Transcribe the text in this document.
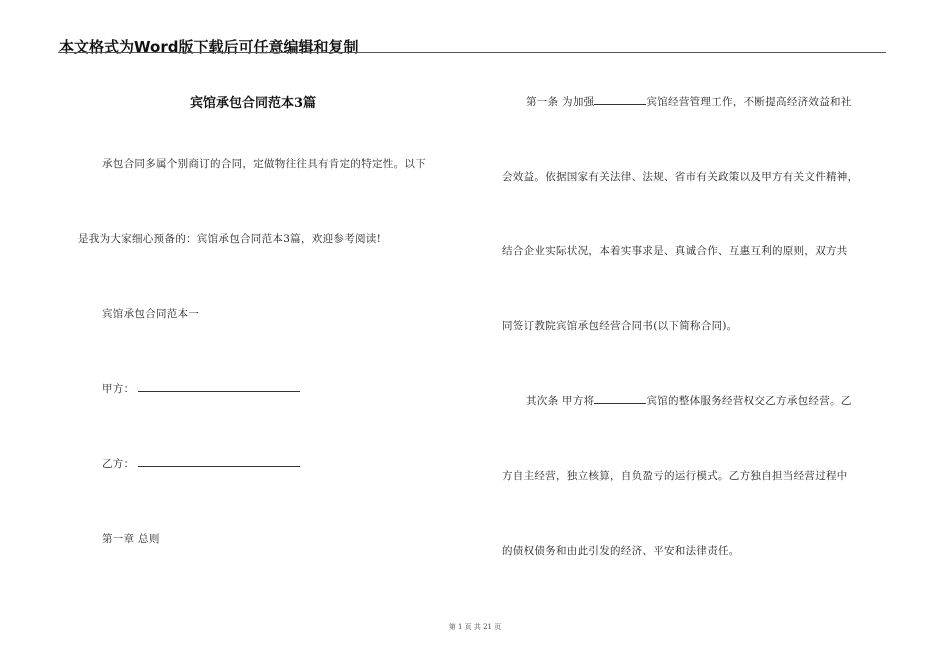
本文格式为Word版下载后可任意编辑和复制
宾馆承包合同范本3篇
承包合同多属个别商订的合同，定做物往往具有肯定的特定性。以下
是我为大家细心预备的：宾馆承包合同范本3篇，欢迎参考阅读!
宾馆承包合同范本一
甲方：
乙方：
第一章 总则
第一条 为加强	宾馆经营管理工作，不断提高经济效益和社
会效益。依据国家有关法律、法规、省市有关政策以及甲方有关文件精神，
结合企业实际状况，本着实事求是、真诚合作、互惠互利的原则，双方共
同签订教院宾馆承包经营合同书(以下简称合同)。
其次条 甲方将	宾馆的整体服务经营权交乙方承包经营。乙
方自主经营，独立核算，自负盈亏的运行模式。乙方独自担当经营过程中
的债权债务和由此引发的经济、平安和法律责任。
第 1 页 共 21 页
